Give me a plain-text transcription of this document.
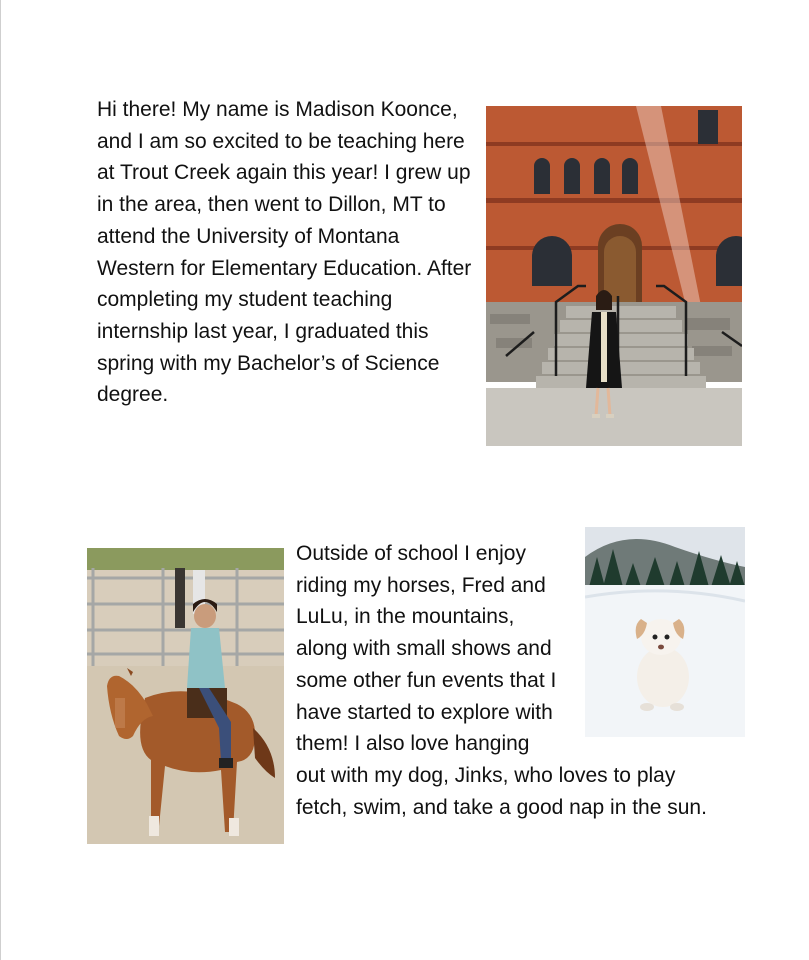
Hi there! My name is Madison Koonce, and I am so excited to be teaching here at Trout Creek again this year! I grew up in the area, then went to Dillon, MT to attend the University of Montana Western for Elementary Education. After completing my student teaching internship last year, I graduated this spring with my Bachelor’s of Science degree.

Outside of school I enjoy riding my horses, Fred and LuLu, in the mountains, along with small shows and some other fun events that I have started to explore with them! I also love hanging out with my dog, Jinks, who loves to play fetch, swim, and take a good nap in the sun.
